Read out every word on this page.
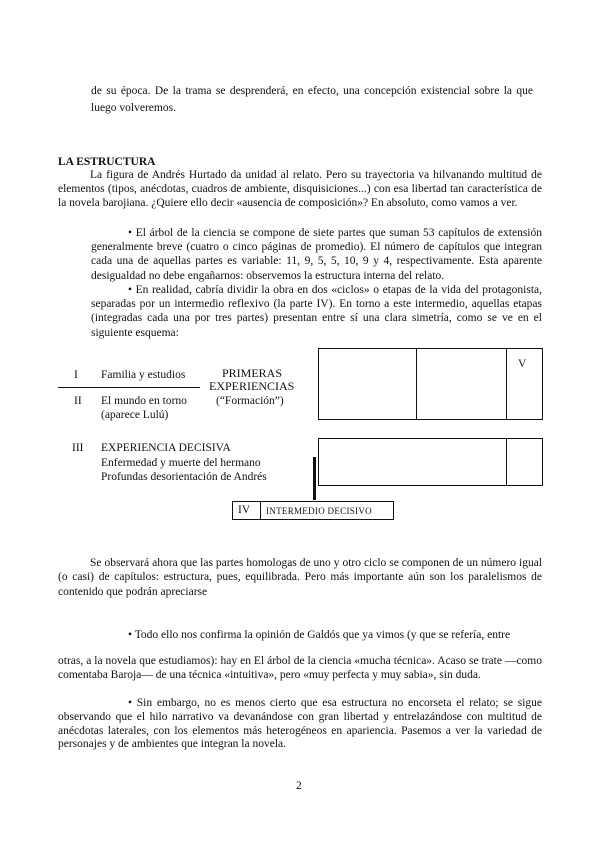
de su época. De la trama se desprenderá, en efecto, una concepción existencial sobre la que
luego volveremos.
LA ESTRUCTURA
La figura de Andrés Hurtado da unidad al relato. Pero su trayectoria va hilvanando multitud de elementos (tipos, anécdotas, cuadros de ambiente, disquisiciones...) con esa libertad tan característica de la novela barojiana. ¿Quiere ello decir «ausencia de composición»? En absoluto, como vamos a ver.
• El árbol de la ciencia se compone de siete partes que suman 53 capítulos de extensión generalmente breve (cuatro o cinco páginas de promedio). El número de capítulos que integran cada una de aquellas partes es variable: 11, 9, 5, 5, 10, 9 y 4, respectivamente. Esta aparente desigualdad no debe engañarnos: observemos la estructura interna del relato.
• En realidad, cabría dividir la obra en dos «ciclos» o etapas de la vida del protagonista, separadas por un intermedio reflexivo (la parte IV). En torno a este intermedio, aquellas etapas (integradas cada una por tres partes) presentan entre sí una clara simetría, como se ve en el siguiente esquema:
I Familia y estudios	PRIMERAS
EXPERIENCIAS
II El mundo en torno
(aparece Lulú)
(“Formación”)
III EXPERIENCIA DECISIVA
Enfermedad y muerte del hermano
Profundas desorientación de Andrés
V
IV INTERMEDIO DECISIVO
Se observará ahora que las partes homologas de uno y otro ciclo se componen de un número igual (o casi) de capítulos: estructura, pues, equilibrada. Pero más importante aún son los paralelismos de contenido que podrán apreciarse
• Todo ello nos confirma la opinión de Galdós que ya vimos (y que se refería, entre
otras, a la novela que estudiamos): hay en El árbol de la ciencia «mucha técnica». Acaso se trate —como comentaba Baroja— de una técnica «intuitiva», pero «muy perfecta y muy sabia», sin duda.
• Sin embargo, no es menos cierto que esa estructura no encorseta el relato; se sigue observando que el hilo narrativo va devanándose con gran libertad y entrelazándose con multitud de anécdotas laterales, con los elementos más heterogéneos en apariencia. Pasemos a ver la variedad de personajes y de ambientes que integran la novela.
2
